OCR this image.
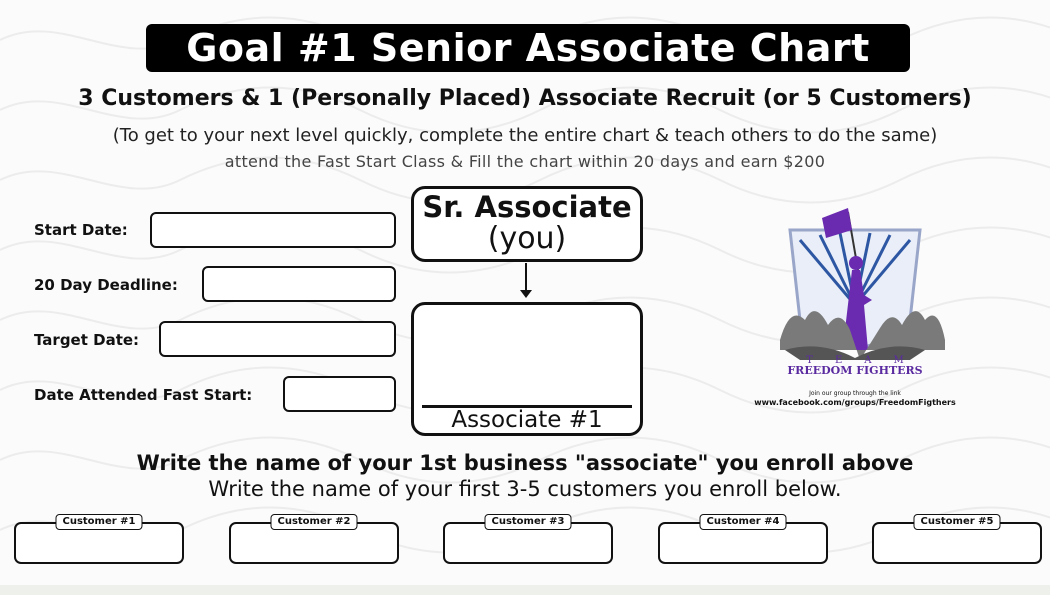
Goal #1 Senior Associate Chart
3 Customers & 1 (Personally Placed) Associate Recruit (or 5 Customers)
(To get to your next level quickly, complete the entire chart & teach others to do the same)
attend the Fast Start Class & Fill the chart within 20 days and earn $200
Start Date:
20 Day Deadline:
Target Date:
Date Attended Fast Start:
Sr. Associate
(you)
Associate #1
TEAM
FREEDOM FIGHTERS
Join our group through the link
www.facebook.com/groups/FreedomFigthers
Write the name of your 1st business "associate" you enroll above
Write the name of your first 3-5 customers you enroll below.
Customer #1	Customer #2	Customer #3	Customer #4	Customer #5
